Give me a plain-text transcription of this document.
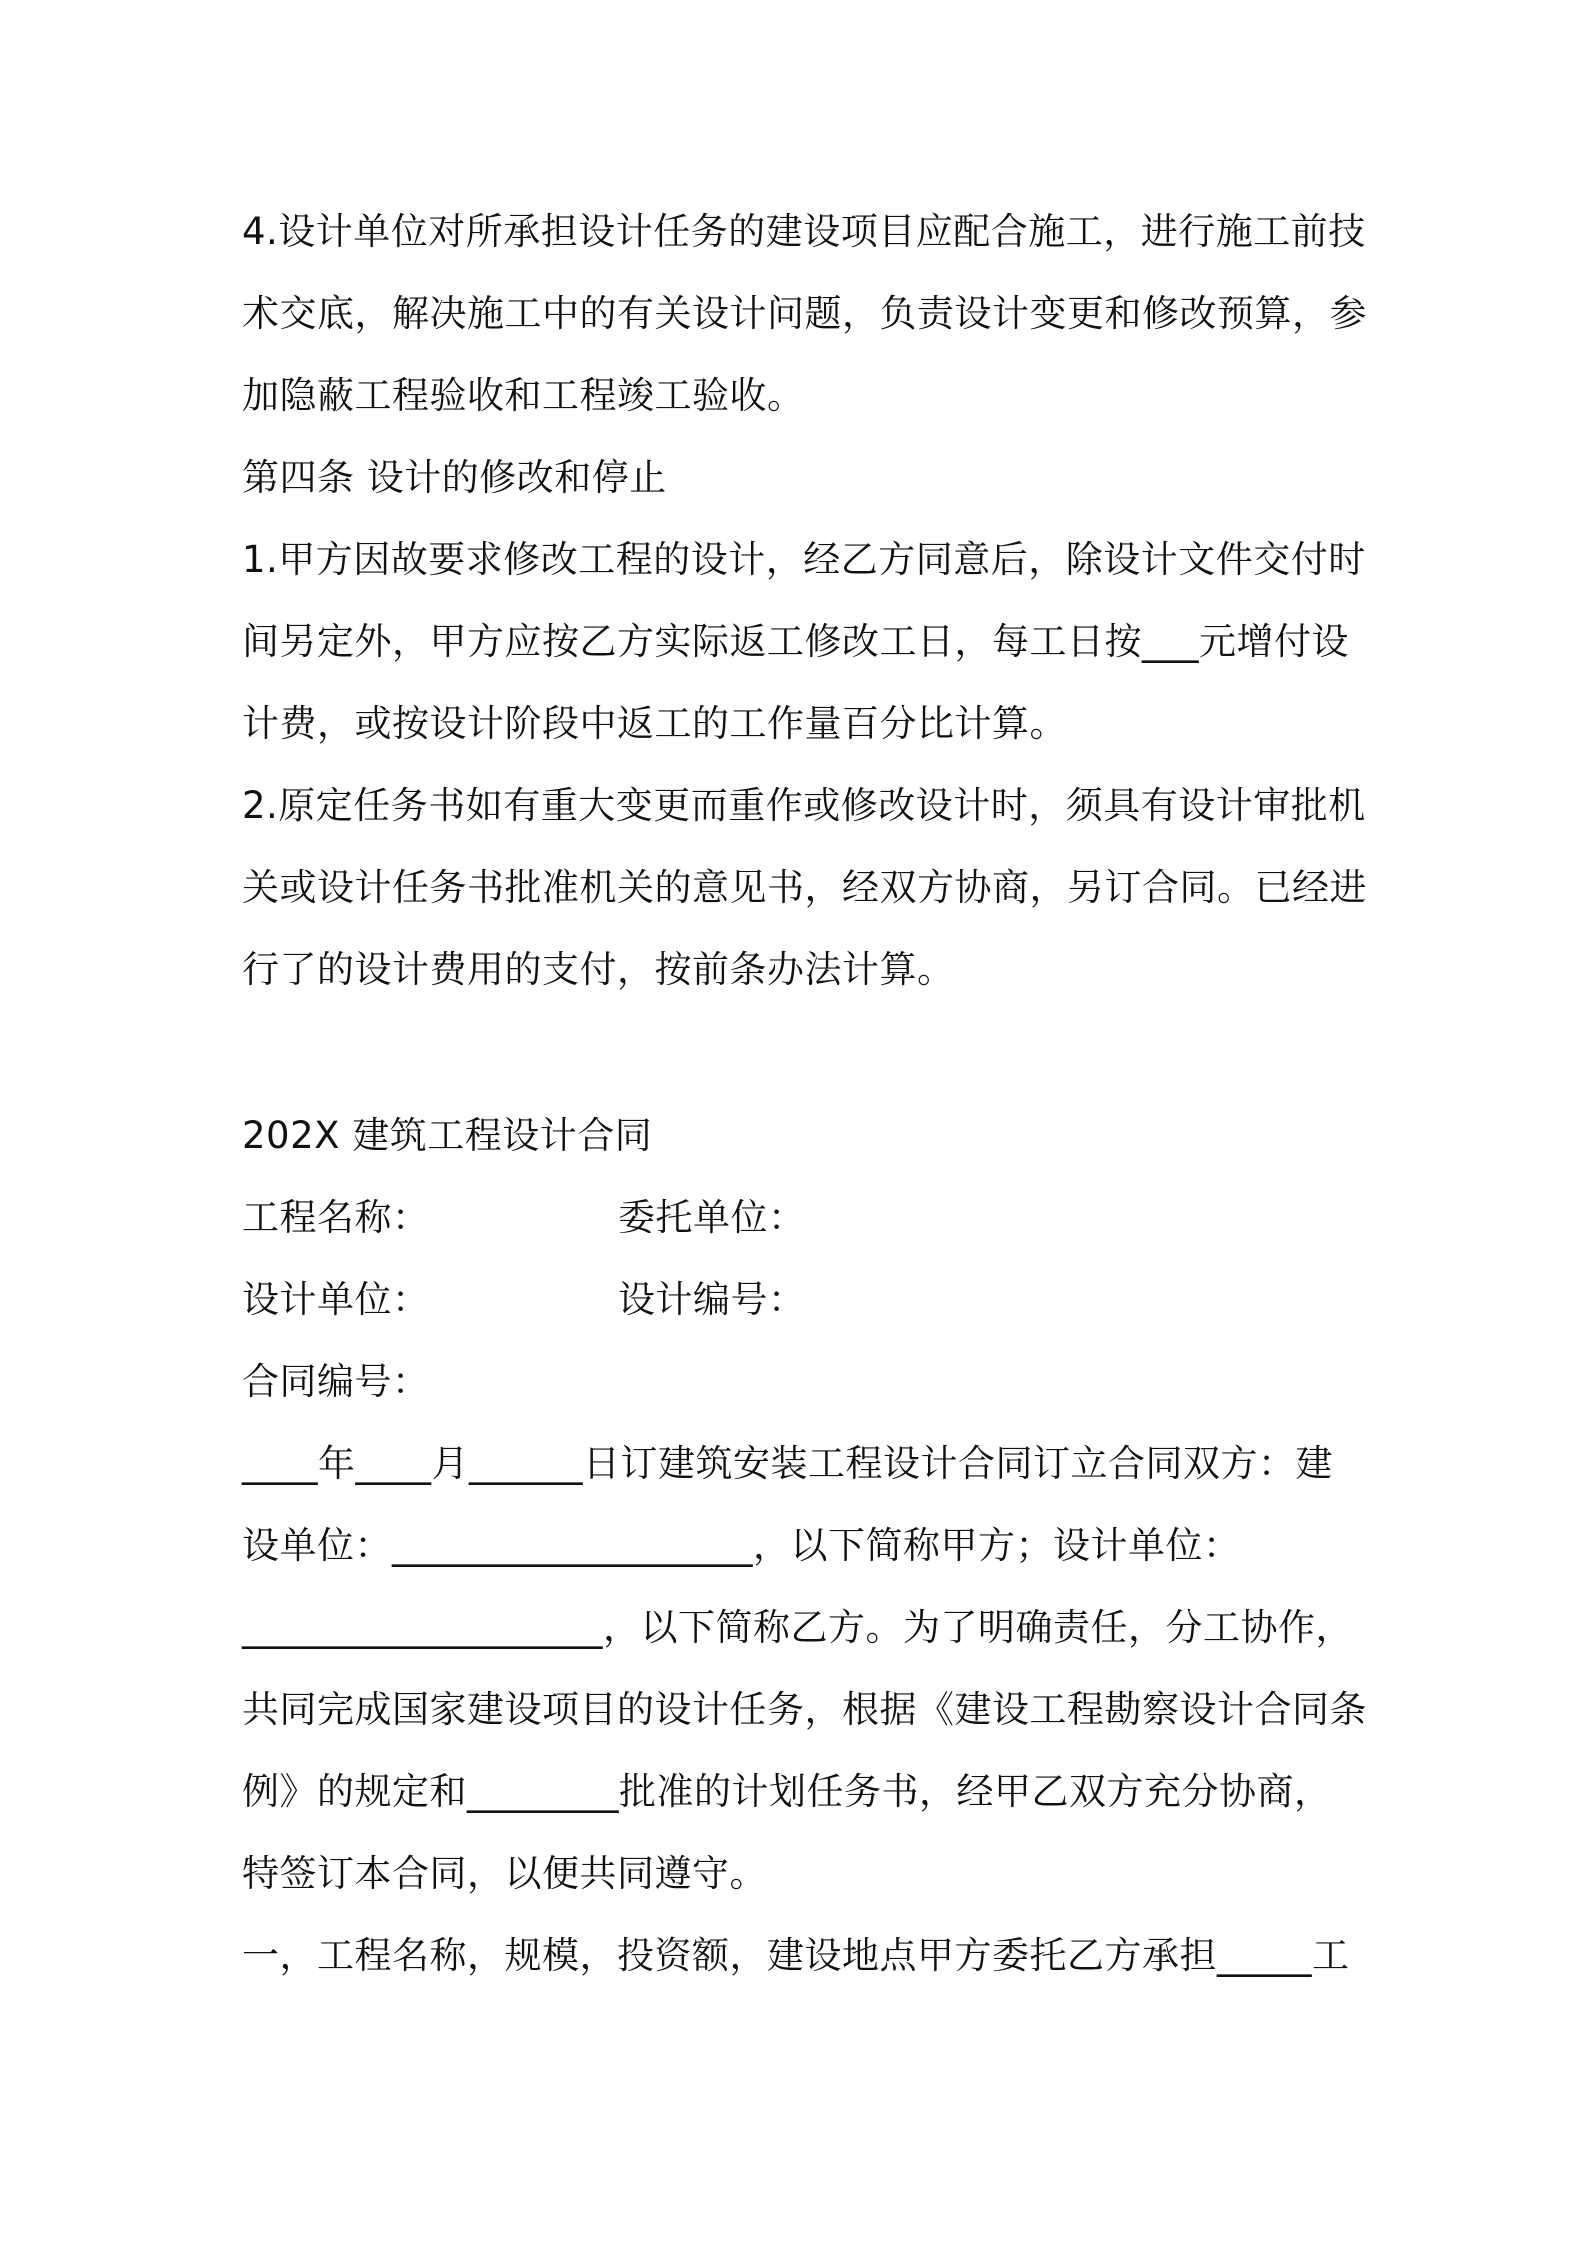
4.设计单位对所承担设计任务的建设项目应配合施工，进行施工前技
术交底，解决施工中的有关设计问题，负责设计变更和修改预算，参
加隐蔽工程验收和工程竣工验收。
第四条 设计的修改和停止
1.甲方因故要求修改工程的设计，经乙方同意后，除设计文件交付时
间另定外，甲方应按乙方实际返工修改工日，每工日按___元增付设
计费，或按设计阶段中返工的工作量百分比计算。
2.原定任务书如有重大变更而重作或修改设计时，须具有设计审批机
关或设计任务书批准机关的意见书，经双方协商，另订合同。已经进
行了的设计费用的支付，按前条办法计算。
202X 建筑工程设计合同
工程名称：	委托单位：
设计单位：	设计编号：
合同编号：
____年____月______日订建筑安装工程设计合同订立合同双方：建
设单位：___________________，以下简称甲方；设计单位：
___________________，以下简称乙方。为了明确责任，分工协作，
共同完成国家建设项目的设计任务，根据《建设工程勘察设计合同条
例》的规定和________批准的计划任务书，经甲乙双方充分协商，
特签订本合同，以便共同遵守。
一，工程名称，规模，投资额，建设地点甲方委托乙方承担_____工
